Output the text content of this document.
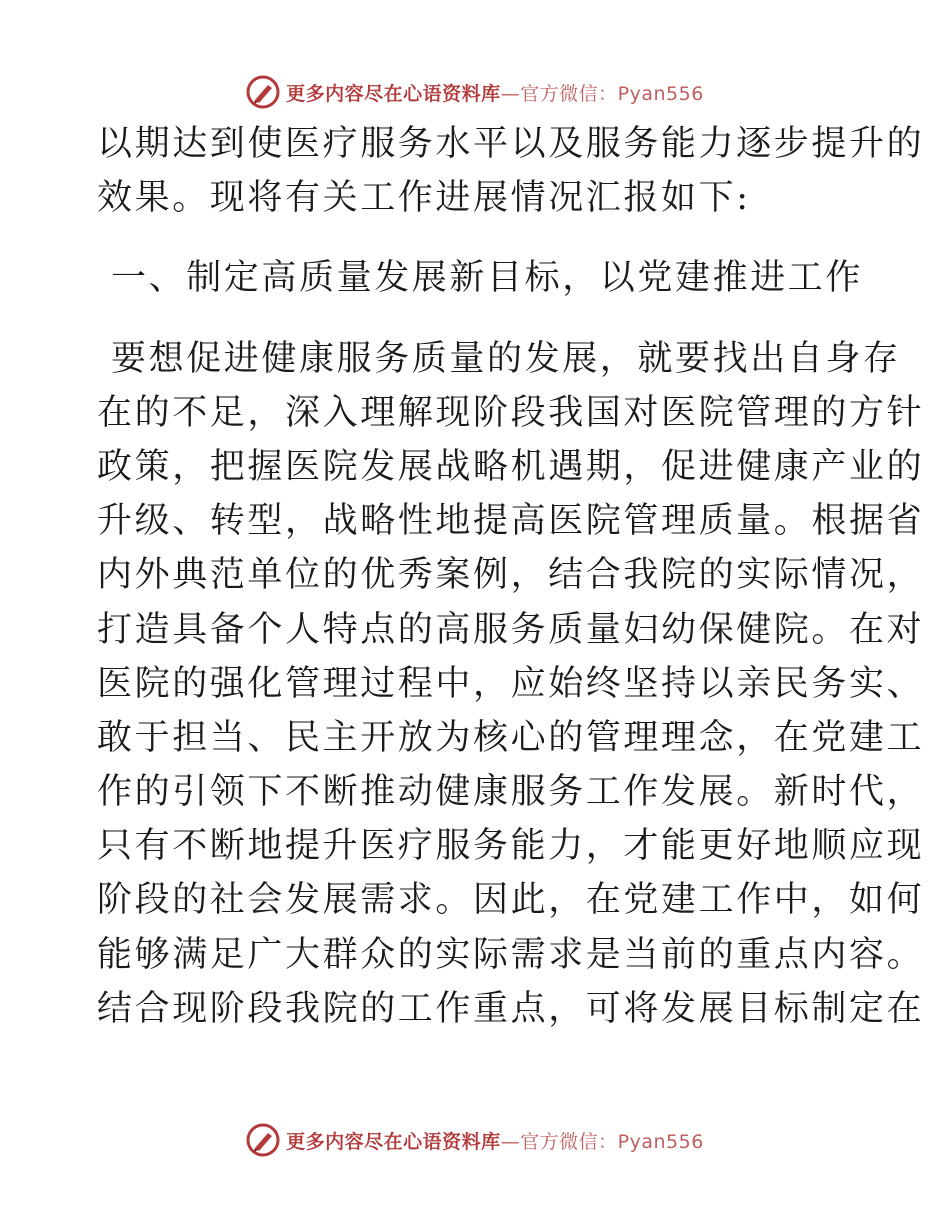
更多内容尽在心语资料库—官方微信：Pyan556
以期达到使医疗服务水平以及服务能力逐步提升的
效果。现将有关工作进展情况汇报如下:
一、制定高质量发展新目标，以党建推进工作
要想促进健康服务质量的发展，就要找出自身存
在的不足，深入理解现阶段我国对医院管理的方针
政策，把握医院发展战略机遇期，促进健康产业的
升级、转型，战略性地提高医院管理质量。根据省
内外典范单位的优秀案例，结合我院的实际情况，
打造具备个人特点的高服务质量妇幼保健院。在对
医院的强化管理过程中，应始终坚持以亲民务实、
敢于担当、民主开放为核心的管理理念，在党建工
作的引领下不断推动健康服务工作发展。新时代，
只有不断地提升医疗服务能力，才能更好地顺应现
阶段的社会发展需求。因此，在党建工作中，如何
能够满足广大群众的实际需求是当前的重点内容。
结合现阶段我院的工作重点，可将发展目标制定在
更多内容尽在心语资料库—官方微信：Pyan556
